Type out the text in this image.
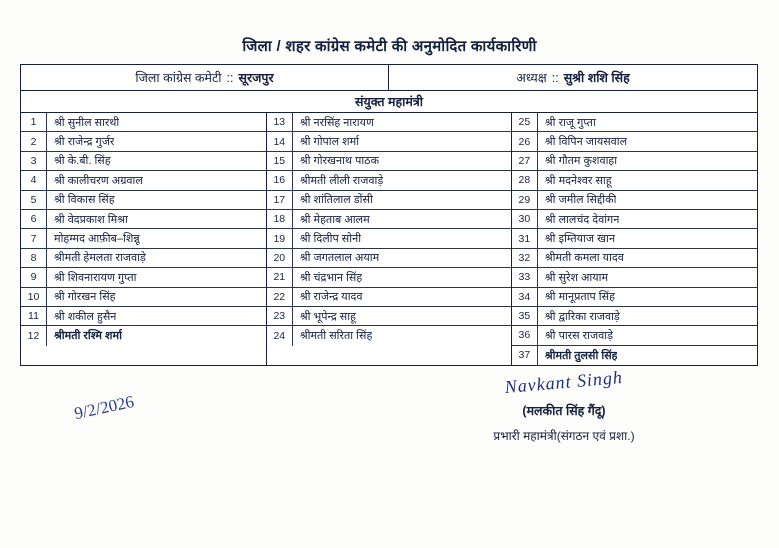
जिला / शहर कांग्रेस कमेटी की अनुमोदित कार्यकारिणी
जिला कांग्रेस कमेटी :: सूरजपुर	अध्यक्ष :: सुश्री शशि सिंह
संयुक्त महामंत्री
1	श्री सुनील सारथी
2	श्री राजेन्द्र गुर्जर
3	श्री के.बी. सिंह
4	श्री कालीचरण अग्रवाल
5	श्री विकास सिंह
6	श्री वेदप्रकाश मिश्रा
7	मोहम्मद आफ़ीब–शिन्नू
8	श्रीमती हेमलता राजवाड़े
9	श्री शिवनारायण गुप्ता
10	श्री गोरखन सिंह
11	श्री शकील हुसैन
12	श्रीमती रश्मि शर्मा
13	श्री नरसिंह नारायण
14	श्री गोपाल शर्मा
15	श्री गोरखनाथ पाठक
16	श्रीमती लीली राजवाड़े
17	श्री शांतिलाल डोंसी
18	श्री मेहताब आलम
19	श्री दिलीप सोनी
20	श्री जगतलाल अयाम
21	श्री चंद्रभान सिंह
22	श्री राजेन्द्र यादव
23	श्री भूपेन्द्र साहू
24	श्रीमती सरिता सिंह
25	श्री राजू गुप्ता
26	श्री विपिन जायसवाल
27	श्री गौतम कुशवाहा
28	श्री मदनेश्वर साहू
29	श्री जमील सिद्दीकी
30	श्री लालचंद देवांगन
31	श्री इम्तियाज खान
32	श्रीमती कमला यादव
33	श्री सुरेश आयाम
34	श्री मानूप्रताप सिंह
35	श्री द्वारिका राजवाड़े
36	श्री पारस राजवाड़े
37	श्रीमती तुलसी सिंह
9/2/2026
Navkant Singh
(मलकीत सिंह गैंदू)
प्रभारी महामंत्री(संगठन एवं प्रशा.)
